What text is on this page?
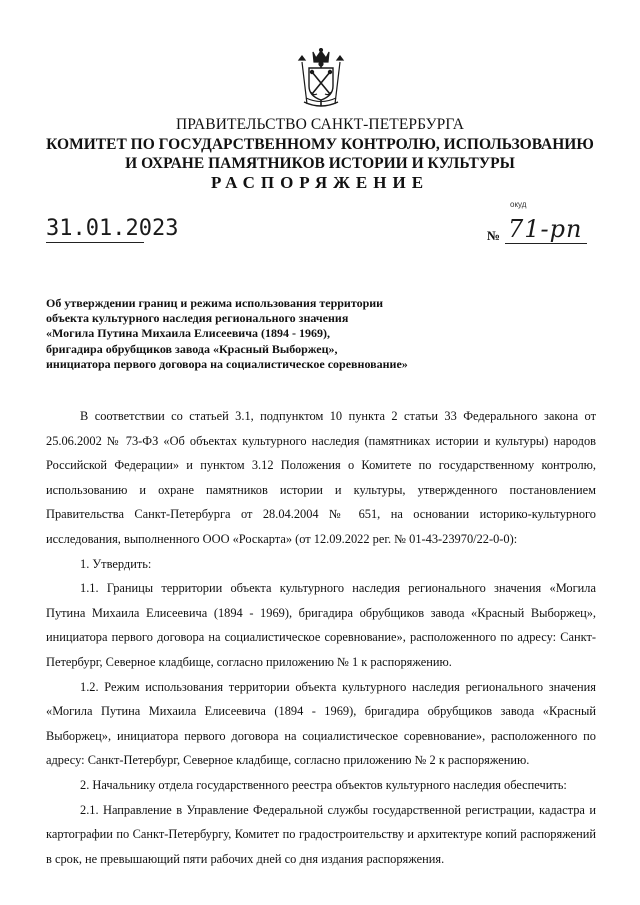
ПРАВИТЕЛЬСТВО САНКТ-ПЕТЕРБУРГА
КОМИТЕТ ПО ГОСУДАРСТВЕННОМУ КОНТРОЛЮ, ИСПОЛЬЗОВАНИЮ
И ОХРАНЕ ПАМЯТНИКОВ ИСТОРИИ И КУЛЬТУРЫ
РАСПОРЯЖЕНИЕ
окуд
31.01.2023	№ 71-рп
Об утверждении границ и режима использования территории
объекта культурного наследия регионального значения
«Могила Путина Михаила Елисеевича (1894 - 1969),
бригадира обрубщиков завода «Красный Выборжец»,
инициатора первого договора на социалистическое соревнование»

В соответствии со статьей 3.1, подпунктом 10 пункта 2 статьи 33 Федерального закона от 25.06.2002 № 73-ФЗ «Об объектах культурного наследия (памятниках истории и культуры) народов Российской Федерации» и пунктом 3.12 Положения о Комитете по государственному контролю, использованию и охране памятников истории и культуры, утвержденного постановлением Правительства Санкт-Петербурга от 28.04.2004 № 651, на основании историко-культурного исследования, выполненного ООО «Роскарта» (от 12.09.2022 рег. № 01-43-23970/22-0-0):

1. Утвердить:

1.1. Границы территории объекта культурного наследия регионального значения «Могила Путина Михаила Елисеевича (1894 - 1969), бригадира обрубщиков завода «Красный Выборжец», инициатора первого договора на социалистическое соревнование», расположенного по адресу: Санкт-Петербург, Северное кладбище, согласно приложению № 1 к распоряжению.

1.2. Режим использования территории объекта культурного наследия регионального значения «Могила Путина Михаила Елисеевича (1894 - 1969), бригадира обрубщиков завода «Красный Выборжец», инициатора первого договора на социалистическое соревнование», расположенного по адресу: Санкт-Петербург, Северное кладбище, согласно приложению № 2 к распоряжению.

2. Начальнику отдела государственного реестра объектов культурного наследия обеспечить:

2.1. Направление в Управление Федеральной службы государственной регистрации, кадастра и картографии по Санкт-Петербургу, Комитет по градостроительству и архитектуре копий распоряжений в срок, не превышающий пяти рабочих дней со дня издания распоряжения.
